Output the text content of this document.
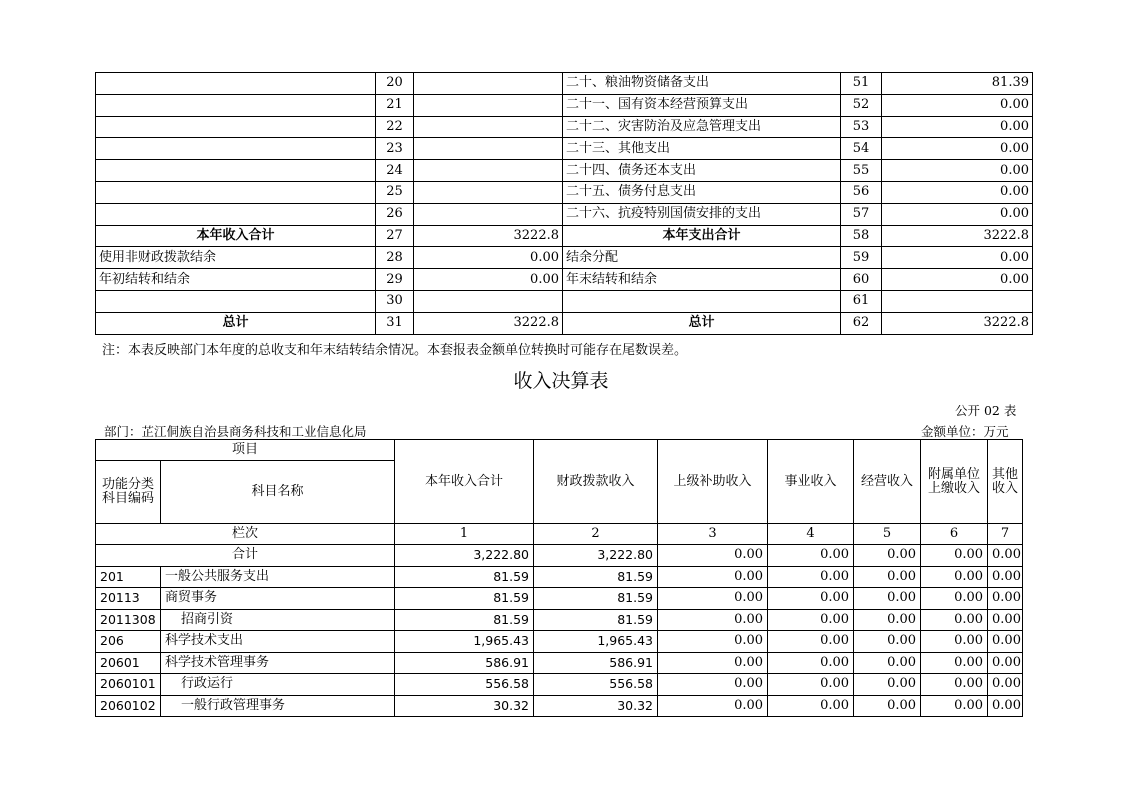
	20		二十、粮油物资储备支出	51	81.39
	21		二十一、国有资本经营预算支出	52	0.00
	22		二十二、灾害防治及应急管理支出	53	0.00
	23		二十三、其他支出	54	0.00
	24		二十四、债务还本支出	55	0.00
	25		二十五、债务付息支出	56	0.00
	26		二十六、抗疫特别国债安排的支出	57	0.00
本年收入合计	27	3222.8	本年支出合计	58	3222.8
使用非财政拨款结余	28	0.00	结余分配	59	0.00
年初结转和结余	29	0.00	年末结转和结余	60	0.00
	30			61	
总计	31	3222.8	总计	62	3222.8
注：本表反映部门本年度的总收支和年末结转结余情况。本套报表金额单位转换时可能存在尾数误差。
收入决算表
公开 02 表
部门：芷江侗族自治县商务科技和工业信息化局	金额单位：万元
项目		本年收入合计	财政拨款收入	上级补助收入	事业收入	经营收入	附属单位上缴收入	其他收入
功能分类科目编码	科目名称							
栏次		1	2	3	4	5	6	7
合计		3,222.80	3,222.80	0.00	0.00	0.00	0.00	0.00
201	一般公共服务支出	81.59	81.59	0.00	0.00	0.00	0.00	0.00
20113	商贸事务	81.59	81.59	0.00	0.00	0.00	0.00	0.00
2011308	招商引资	81.59	81.59	0.00	0.00	0.00	0.00	0.00
206	科学技术支出	1,965.43	1,965.43	0.00	0.00	0.00	0.00	0.00
20601	科学技术管理事务	586.91	586.91	0.00	0.00	0.00	0.00	0.00
2060101	行政运行	556.58	556.58	0.00	0.00	0.00	0.00	0.00
2060102	一般行政管理事务	30.32	30.32	0.00	0.00	0.00	0.00	0.00
